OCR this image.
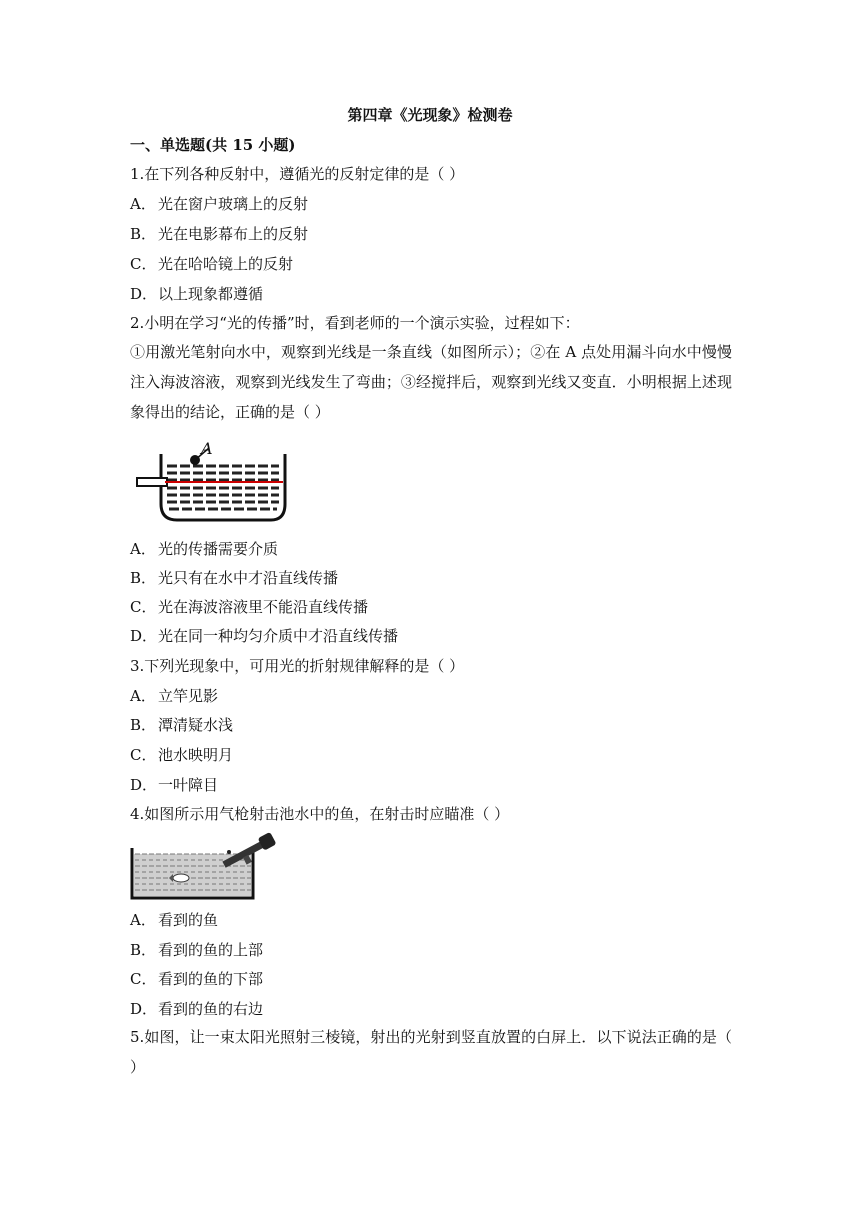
第四章《光现象》检测卷
一、单选题(共 15 小题)
1.在下列各种反射中，遵循光的反射定律的是（ ）
A． 光在窗户玻璃上的反射
B． 光在电影幕布上的反射
C． 光在哈哈镜上的反射
D．以上现象都遵循
2.小明在学习“光的传播”时，看到老师的一个演示实验，过程如下：
①用激光笔射向水中，观察到光线是一条直线（如图所示）；②在 A 点处用漏斗向水中慢慢注入海波溶液，观察到光线发生了弯曲；③经搅拌后，观察到光线又变直．小明根据上述现象得出的结论，正确的是（ ）
A
A． 光的传播需要介质
B． 光只有在水中才沿直线传播
C． 光在海波溶液里不能沿直线传播
D．光在同一种均匀介质中才沿直线传播
3.下列光现象中，可用光的折射规律解释的是（ ）
A． 立竿见影
B． 潭清疑水浅
C． 池水映明月
D．一叶障目
4.如图所示用气枪射击池水中的鱼，在射击时应瞄准（ ）
A． 看到的鱼
B． 看到的鱼的上部
C． 看到的鱼的下部
D．看到的鱼的右边
5.如图，让一束太阳光照射三棱镜，射出的光射到竖直放置的白屏上．以下说法正确的是（ ）
